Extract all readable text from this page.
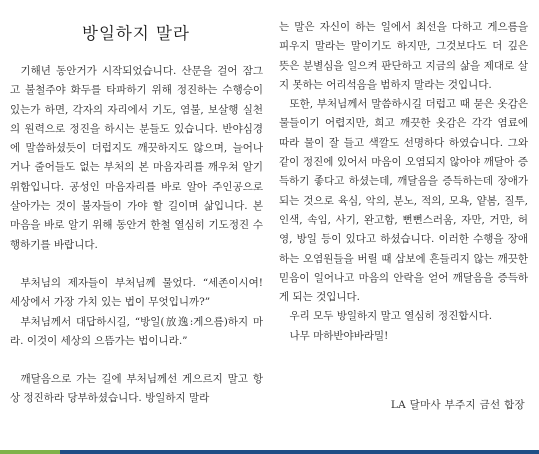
방일하지 말라

기해년 동안거가 시작되었습니다. 산문을 걸어 잠그고 불철주야 화두를 타파하기 위해 정진하는 수행승이 있는가 하면, 각자의 자리에서 기도, 염불, 보살행 실천의 원력으로 정진을 하시는 분들도 있습니다. 반야심경에 말씀하셨듯이 더럽지도 깨끗하지도 않으며, 늘어나거나 줄어들도 없는 부처의 본 마음자리를 깨우쳐 알기 위함입니다. 공성인 마음자리를 바로 알아 주인공으로 살아가는 것이 불자들이 가야 할 길이며 삶입니다. 본 마음을 바로 알기 위해 동안거 한철 열심히 기도정진 수행하기를 바랍니다.

부처님의 제자들이 부처님께 물었다. “세존이시여! 세상에서 가장 가치 있는 법이 무엇입니까?”

부처님께서 대답하시길, “방일(放逸:게으름)하지 마라. 이것이 세상의 으뜸가는 법이니라.”

깨달음으로 가는 길에 부처님께선 게으르지 말고 항상 정진하라 당부하셨습니다. 방일하지 말라

는 말은 자신이 하는 일에서 최선을 다하고 게으름을 피우지 말라는 말이기도 하지만, 그것보다도 더 깊은 뜻은 분별심을 일으켜 판단하고 지금의 삶을 제대로 살지 못하는 어리석음을 범하지 말라는 것입니다.

또한, 부처님께서 말씀하시길 더럽고 때 묻은 옷감은 물들이기 어렵지만, 희고 깨끗한 옷감은 각각 염료에 따라 물이 잘 들고 색깔도 선명하다 하였습니다. 그와 같이 정진에 있어서 마음이 오염되지 않아야 깨달아 증득하기 좋다고 하셨는데, 깨달음을 증득하는데 장애가 되는 것으로 육심, 악의, 분노, 적의, 모욕, 얕봄, 질투, 인색, 속임, 사기, 완고함, 뻔뻔스러움, 자만, 거만, 허영, 방일 등이 있다고 하셨습니다. 이러한 수행을 장애하는 오염원들을 버릴 때 삼보에 흔들리지 않는 깨끗한 믿음이 일어나고 마음의 안락을 얻어 깨달음을 증득하게 되는 것입니다.

우리 모두 방일하지 말고 열심히 정진합시다.

나무 마하반야바라밀!

LA 달마사 부주지 금선 합장
